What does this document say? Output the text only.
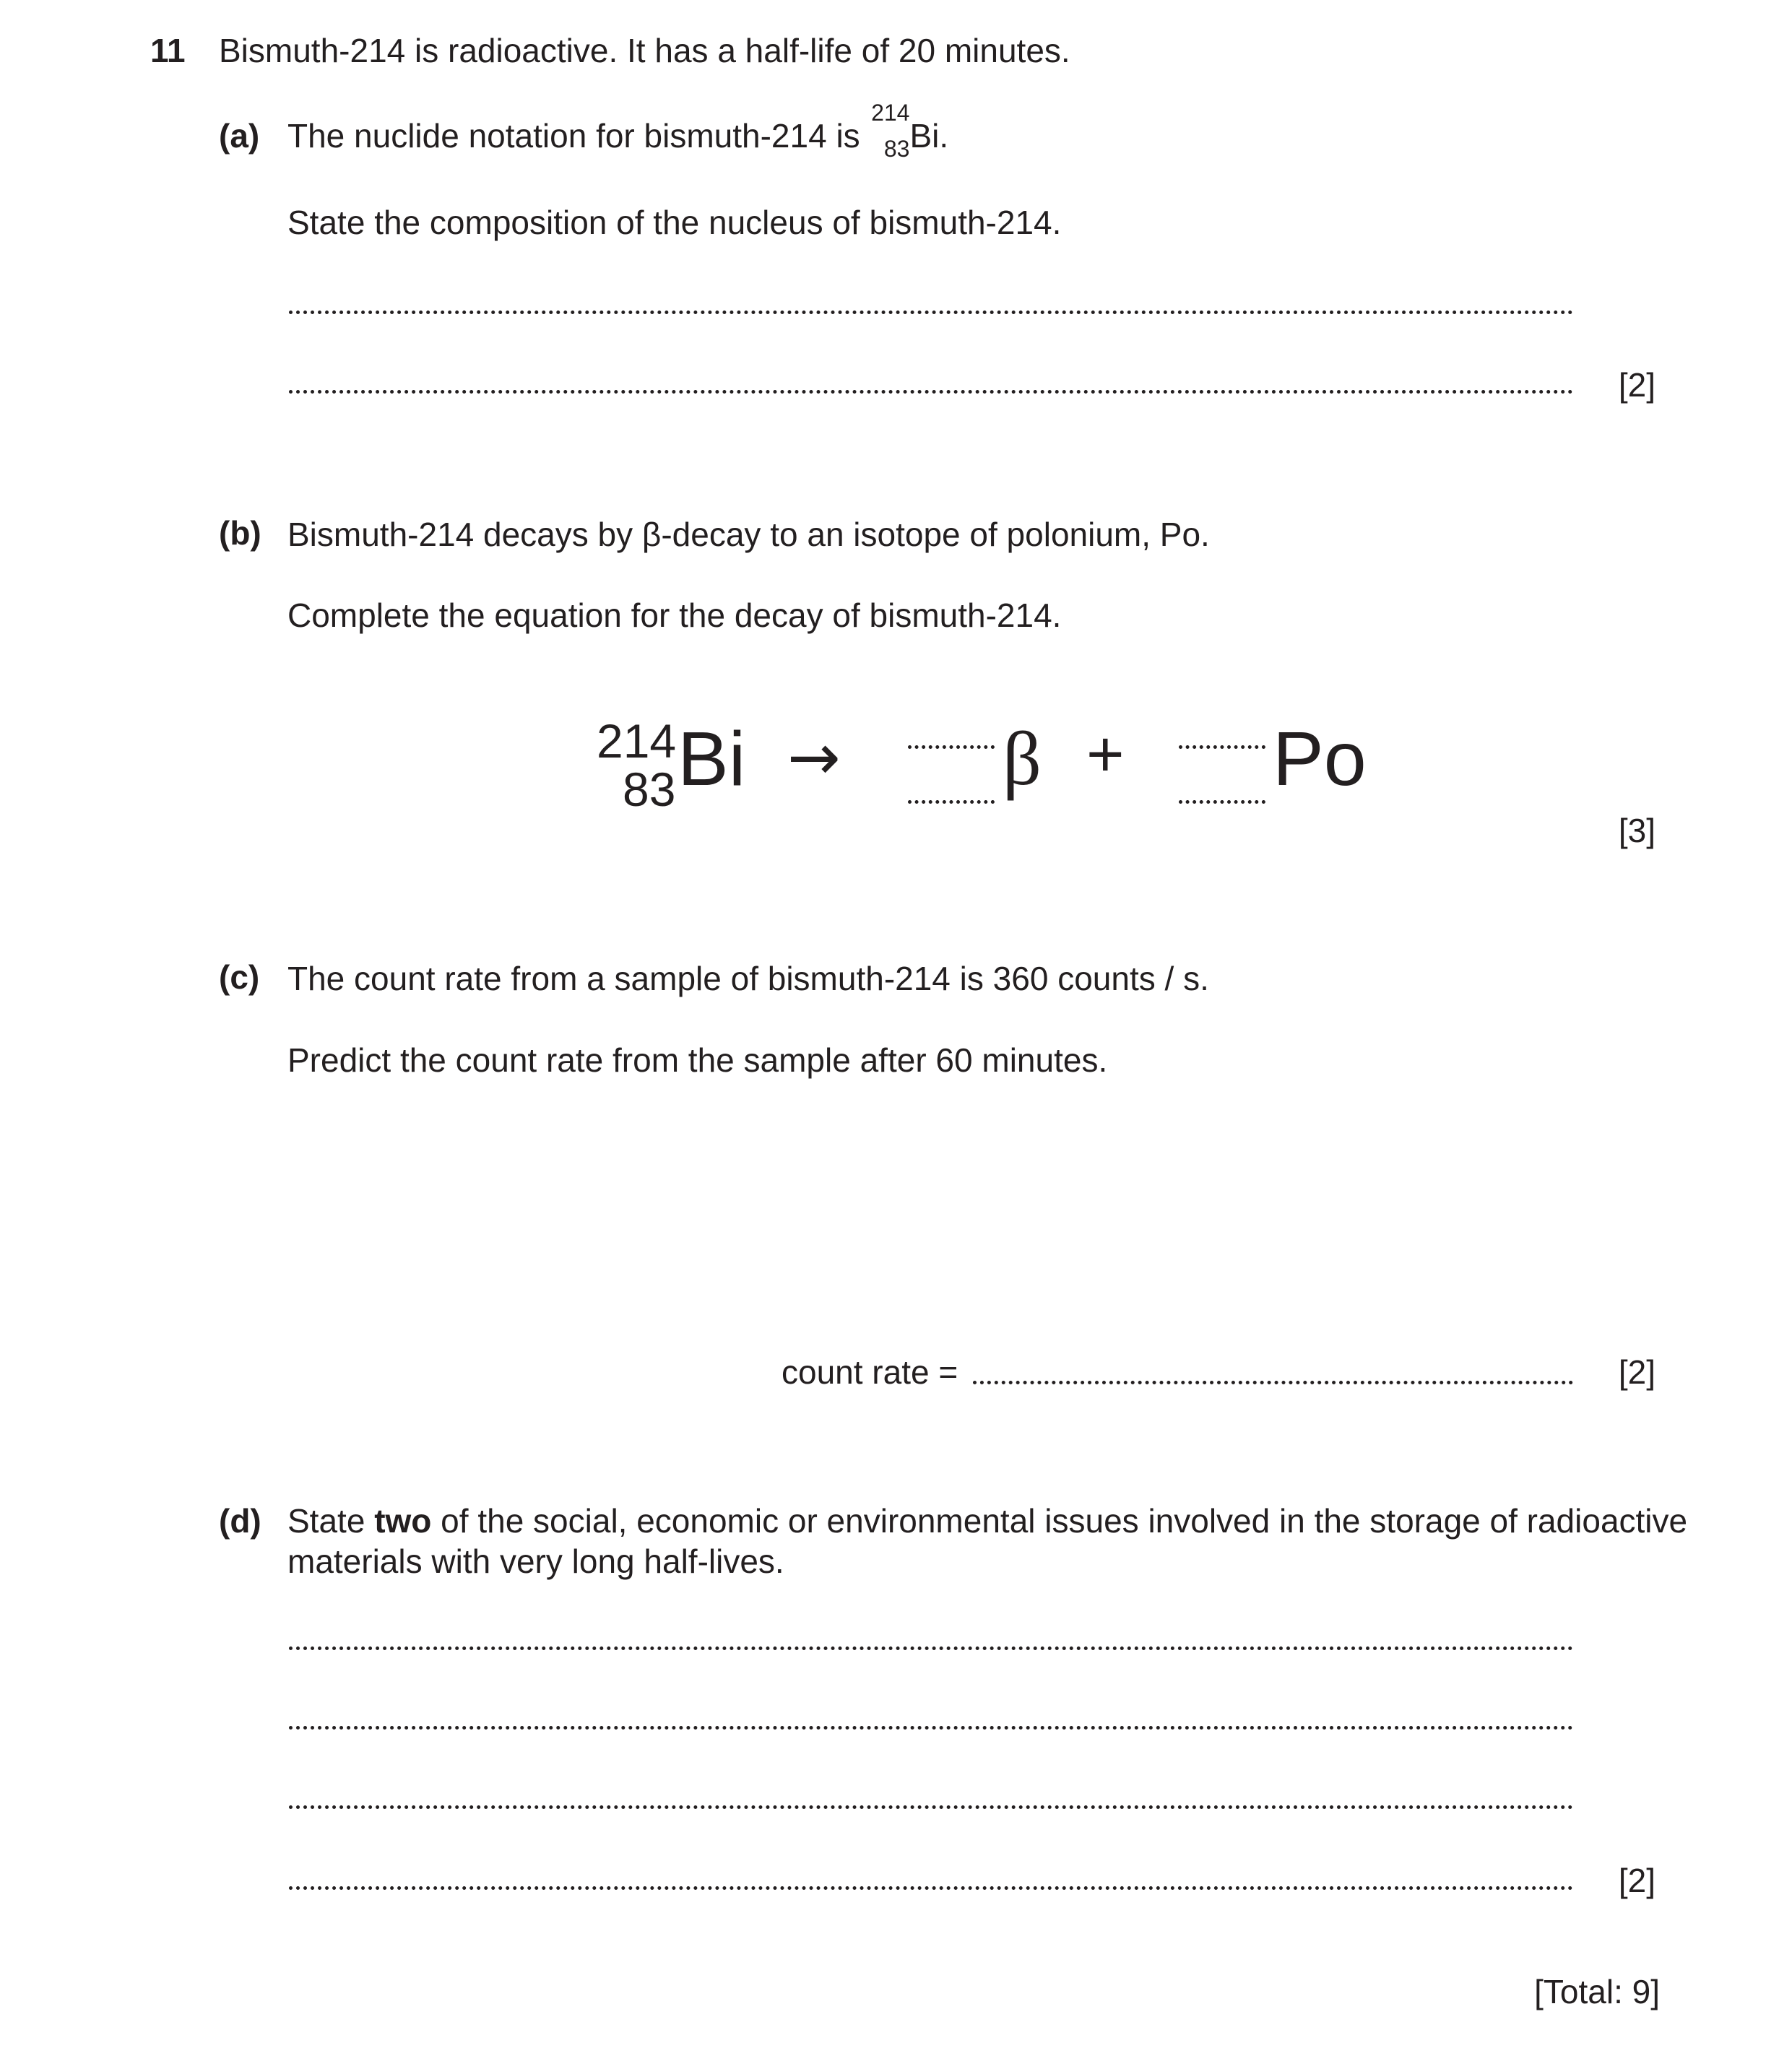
11 Bismuth-214 is radioactive. It has a half-life of 20 minutes.
(a) The nuclide notation for bismuth-214 is
214
83 Bi.
State the composition of the nucleus of bismuth-214.
[2]
(b) Bismuth-214 decays by β-decay to an isotope of polonium, Po.
Complete the equation for the decay of bismuth-214.
214
83 Bi → β + Po
[3]
(c) The count rate from a sample of bismuth-214 is 360 counts / s.
Predict the count rate from the sample after 60 minutes.
count rate =	[2]
(d) State two of the social, economic or environmental issues involved in the storage of radioactive
materials with very long half-lives.
[2]
[Total: 9]
